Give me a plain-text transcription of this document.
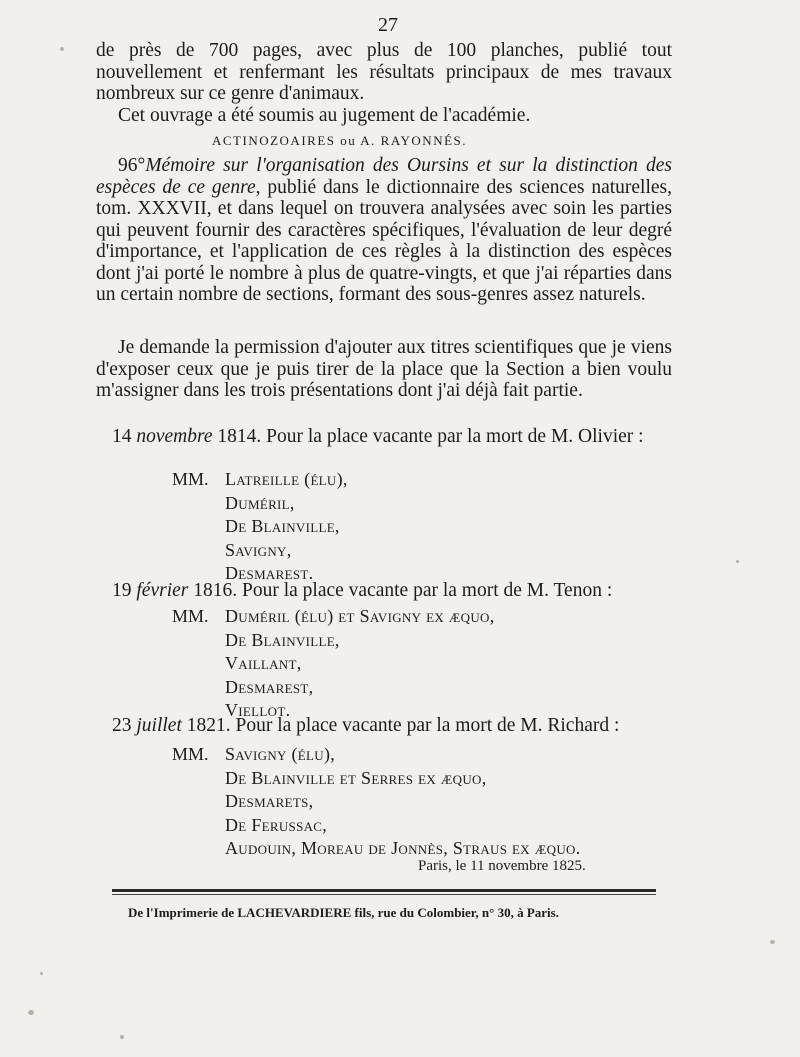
27

de près de 700 pages, avec plus de 100 planches, publié tout nouvellement et renfermant les résultats principaux de mes travaux nombreux sur ce genre d'animaux.

Cet ouvrage a été soumis au jugement de l'académie.

ACTINOZOAIRES ou A. RAYONNÉS.

96°Mémoire sur l'organisation des Oursins et sur la distinction des espèces de ce genre, publié dans le dictionnaire des sciences naturelles, tom. XXXVII, et dans lequel on trouvera analysées avec soin les parties qui peuvent fournir des caractères spécifiques, l'évaluation de leur degré d'importance, et l'application de ces règles à la distinction des espèces dont j'ai porté le nombre à plus de quatre-vingts, et que j'ai réparties dans un certain nombre de sections, formant des sous-genres assez naturels.

Je demande la permission d'ajouter aux titres scientifiques que je viens d'exposer ceux que je puis tirer de la place que la Section a bien voulu m'assigner dans les trois présentations dont j'ai déjà fait partie.

14 novembre 1814. Pour la place vacante par la mort de M. Olivier :
MM. Latreille (élu),
Duméril,
De Blainville,
Savigny,
Desmarest.
19 février 1816. Pour la place vacante par la mort de M. Tenon :
MM. Duméril (élu) et Savigny ex æquo,
De Blainville,
Vaillant,
Desmarest,
Viellot.
23 juillet 1821. Pour la place vacante par la mort de M. Richard :
MM. Savigny (élu),
De Blainville et Serres ex æquo,
Desmarets,
De Ferussac,
Audouin, Moreau de Jonnès, Straus ex æquo.
Paris, le 11 novembre 1825.
De l'Imprimerie de LACHEVARDIERE fils, rue du Colombier, n° 30, à Paris.
